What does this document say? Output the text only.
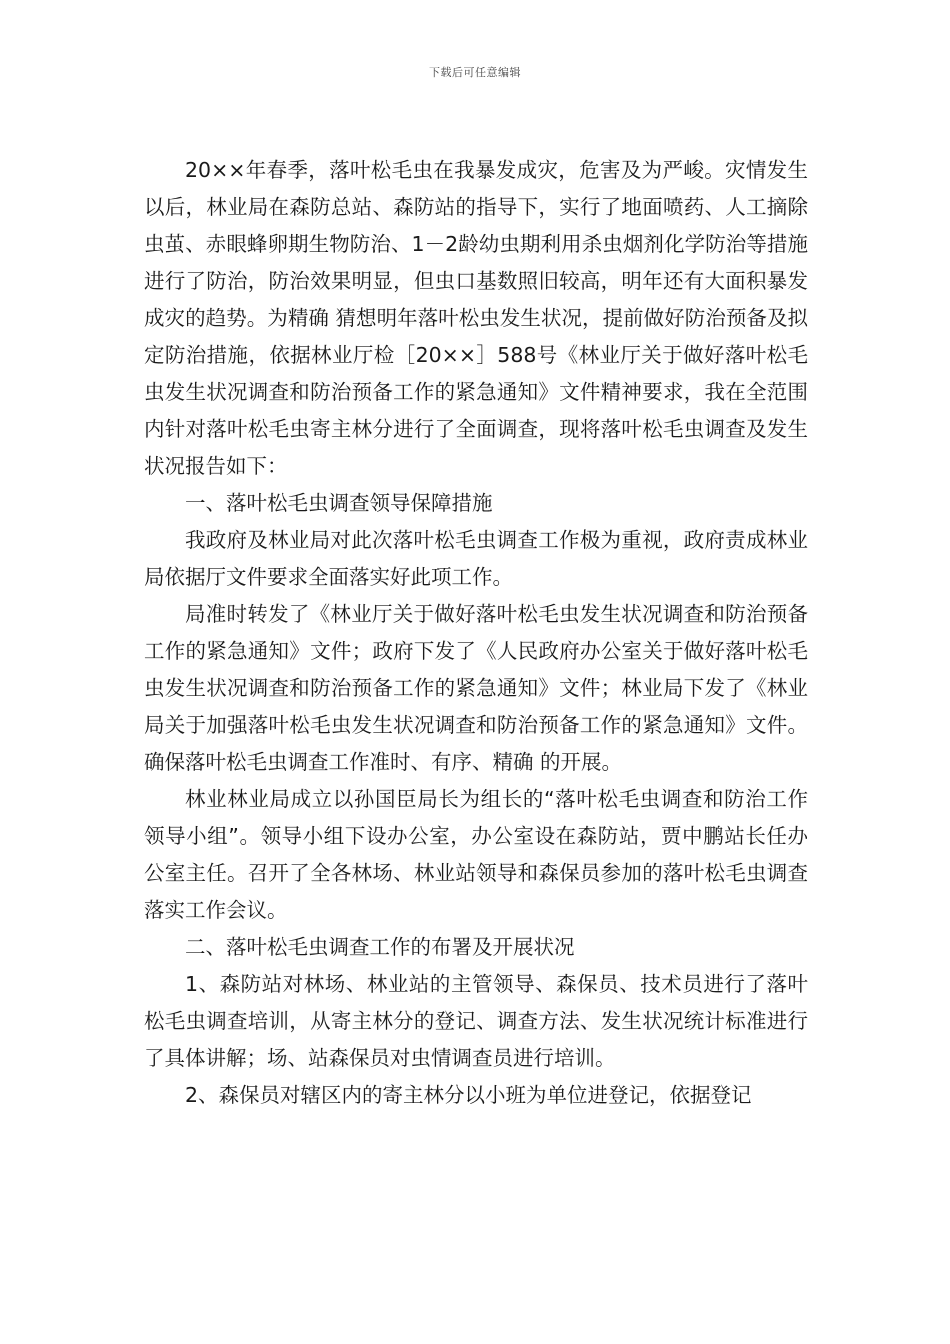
下载后可任意编辑

20××年春季，落叶松毛虫在我暴发成灾，危害及为严峻。灾情发生以后，林业局在森防总站、森防站的指导下，实行了地面喷药、人工摘除虫茧、赤眼蜂卵期生物防治、1－2龄幼虫期利用杀虫烟剂化学防治等措施进行了防治，防治效果明显，但虫口基数照旧较高，明年还有大面积暴发成灾的趋势。为精确 猜想明年落叶松虫发生状况，提前做好防治预备及拟定防治措施，依据林业厅检［20××］588号《林业厅关于做好落叶松毛虫发生状况调查和防治预备工作的紧急通知》文件精神要求，我在全范围内针对落叶松毛虫寄主林分进行了全面调查，现将落叶松毛虫调查及发生状况报告如下：

一、落叶松毛虫调查领导保障措施

我政府及林业局对此次落叶松毛虫调查工作极为重视，政府责成林业局依据厅文件要求全面落实好此项工作。

局准时转发了《林业厅关于做好落叶松毛虫发生状况调查和防治预备工作的紧急通知》文件；政府下发了《人民政府办公室关于做好落叶松毛虫发生状况调查和防治预备工作的紧急通知》文件；林业局下发了《林业局关于加强落叶松毛虫发生状况调查和防治预备工作的紧急通知》文件。确保落叶松毛虫调查工作准时、有序、精确 的开展。

林业林业局成立以孙国臣局长为组长的“落叶松毛虫调查和防治工作领导小组”。领导小组下设办公室，办公室设在森防站，贾中鹏站长任办公室主任。召开了全各林场、林业站领导和森保员参加的落叶松毛虫调查落实工作会议。

二、落叶松毛虫调查工作的布署及开展状况

1、森防站对林场、林业站的主管领导、森保员、技术员进行了落叶松毛虫调查培训，从寄主林分的登记、调查方法、发生状况统计标准进行了具体讲解；场、站森保员对虫情调查员进行培训。

2、森保员对辖区内的寄主林分以小班为单位进登记，依据登记
